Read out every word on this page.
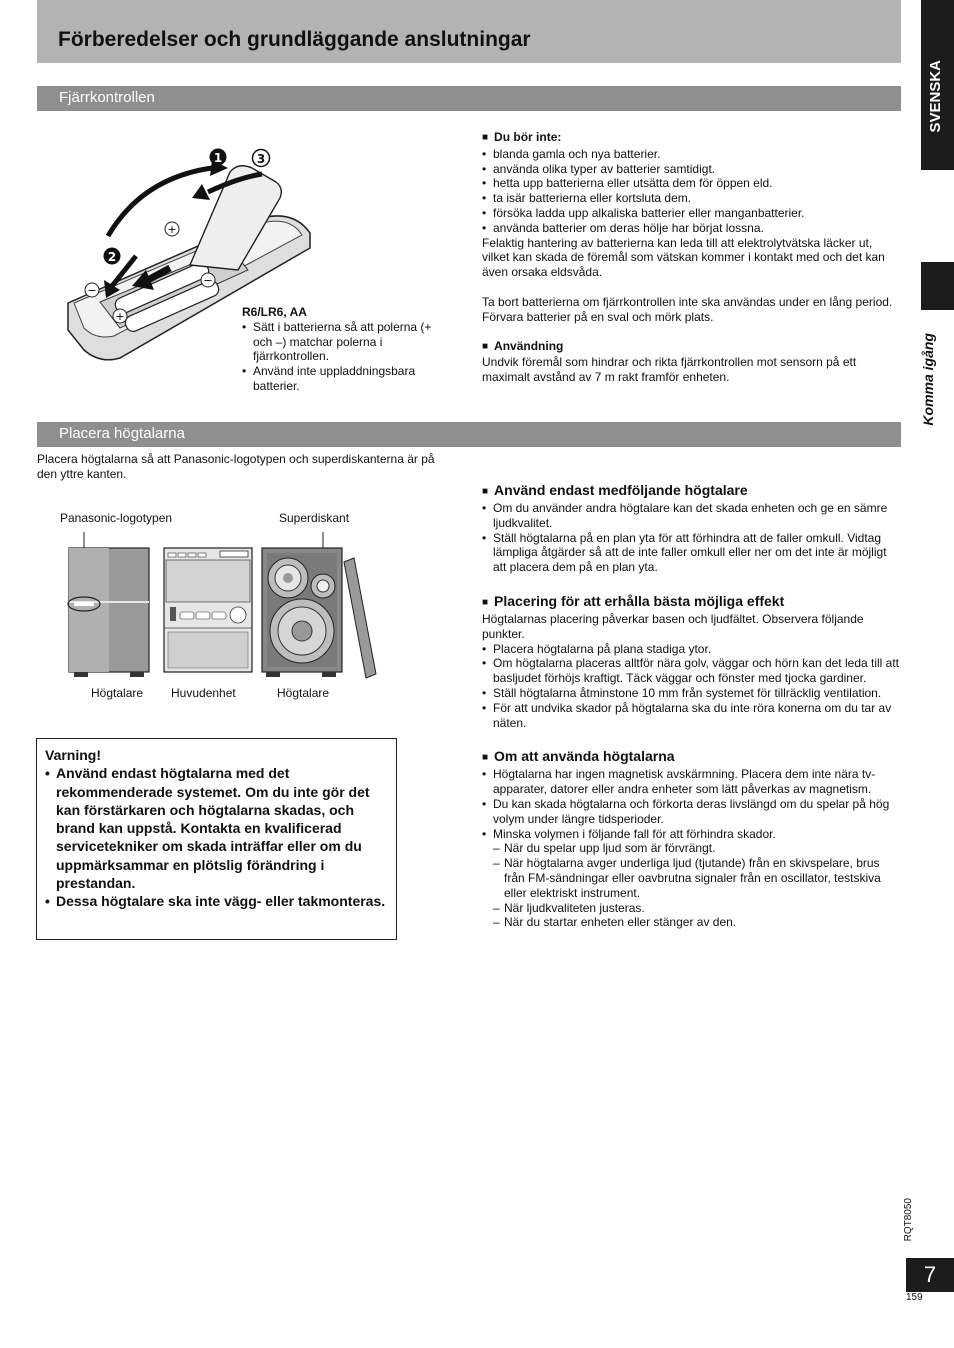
Förberedelser och grundläggande anslutningar
SVENSKA
Komma igång
Fjärrkontrollen
+
−
−
+
1	3
2
R6/LR6, AA
• Sätt i batterierna så att polerna (+ och –) matchar polerna i fjärrkontrollen.
• Använd inte uppladdningsbara batterier.
■ Du bör inte:
• blanda gamla och nya batterier.
• använda olika typer av batterier samtidigt.
• hetta upp batterierna eller utsätta dem för öppen eld.
• ta isär batterierna eller kortsluta dem.
• försöka ladda upp alkaliska batterier eller manganbatterier.
• använda batterier om deras hölje har börjat lossna.
Felaktig hantering av batterierna kan leda till att elektrolytvätska läcker ut, vilket kan skada de föremål som vätskan kommer i kontakt med och det kan även orsaka eldsvåda.
Ta bort batterierna om fjärrkontrollen inte ska användas under en lång period. Förvara batterier på en sval och mörk plats.
■ Användning
Undvik föremål som hindrar och rikta fjärrkontrollen mot sensorn på ett maximalt avstånd av 7 m rakt framför enheten.
Placera högtalarna
Placera högtalarna så att Panasonic-logotypen och superdiskanterna är på den yttre kanten.
Panasonic-logotypen	Superdiskant
Högtalare Huvudenhet	Högtalare
Varning!
• Använd endast högtalarna med det rekommenderade systemet. Om du inte gör det kan förstärkaren och högtalarna skadas, och brand kan uppstå. Kontakta en kvalificerad servicetekniker om skada inträffar eller om du uppmärksammar en plötslig förändring i prestandan.
• Dessa högtalare ska inte vägg- eller takmonteras.
■ Använd endast medföljande högtalare
• Om du använder andra högtalare kan det skada enheten och ge en sämre ljudkvalitet.
• Ställ högtalarna på en plan yta för att förhindra att de faller omkull. Vidtag lämpliga åtgärder så att de inte faller omkull eller ner om det inte är möjligt att placera dem på en plan yta.
■ Placering för att erhålla bästa möjliga effekt
Högtalarnas placering påverkar basen och ljudfältet. Observera följande punkter.
• Placera högtalarna på plana stadiga ytor.
• Om högtalarna placeras alltför nära golv, väggar och hörn kan det leda till att basljudet förhöjs kraftigt. Täck väggar och fönster med tjocka gardiner.
• Ställ högtalarna åtminstone 10 mm från systemet för tillräcklig ventilation.
• För att undvika skador på högtalarna ska du inte röra konerna om du tar av näten.
■ Om att använda högtalarna
• Högtalarna har ingen magnetisk avskärmning. Placera dem inte nära tv-apparater, datorer eller andra enheter som lätt påverkas av magnetism.
• Du kan skada högtalarna och förkorta deras livslängd om du spelar på hög volym under längre tidsperioder.
• Minska volymen i följande fall för att förhindra skador.
– När du spelar upp ljud som är förvrängt.
– När högtalarna avger underliga ljud (tjutande) från en skivspelare, brus från FM-sändningar eller oavbrutna signaler från en oscillator, testskiva eller elektriskt instrument.
– När ljudkvaliteten justeras.
– När du startar enheten eller stänger av den.
RQT8050
7
159
